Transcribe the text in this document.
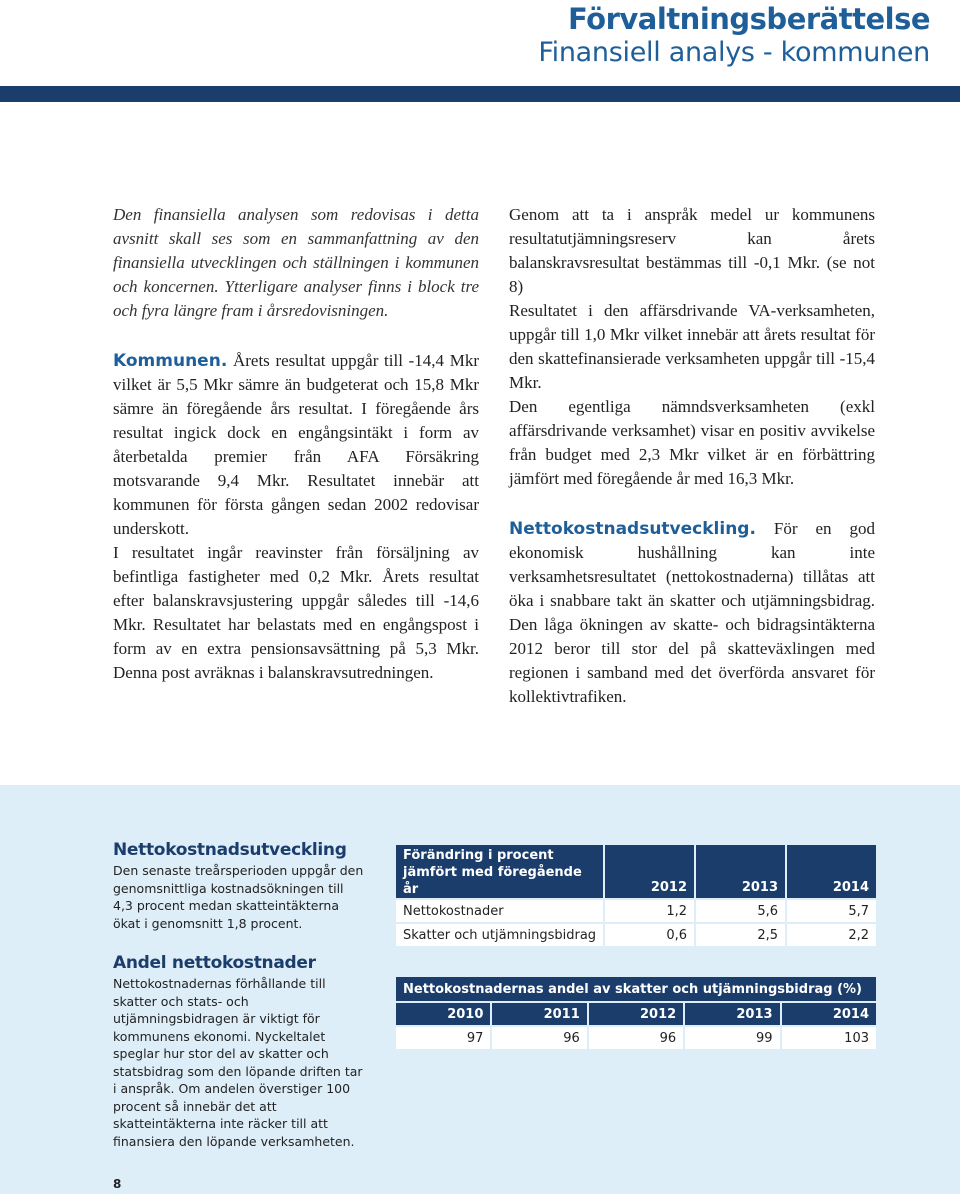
Förvaltningsberättelse
Finansiell analys - kommunen

Den finansiella analysen som redovisas i detta avsnitt skall ses som en sammanfattning av den finansiella utvecklingen och ställningen i kommunen och koncernen. Ytterligare analyser finns i block tre och fyra längre fram i årsredovisningen.

Kommunen. Årets resultat uppgår till -14,4 Mkr vilket är 5,5 Mkr sämre än budgeterat och 15,8 Mkr sämre än föregående års resultat. I föregående års resultat ingick dock en engångsintäkt i form av återbetalda premier från AFA Försäkring motsvarande 9,4 Mkr. Resultatet innebär att kommunen för första gången sedan 2002 redovisar underskott.

I resultatet ingår reavinster från försäljning av befintliga fastigheter med 0,2 Mkr. Årets resultat efter balanskravsjustering uppgår således till -14,6 Mkr. Resultatet har belastats med en engångspost i form av en extra pensionsavsättning på 5,3 Mkr. Denna post avräknas i balanskravsutredningen.

Genom att ta i anspråk medel ur kommunens resultatutjämningsreserv kan årets balanskravsresultat bestämmas till -0,1 Mkr. (se not 8)

Resultatet i den affärsdrivande VA-verksamheten, uppgår till 1,0 Mkr vilket innebär att årets resultat för den skattefinansierade verksamheten uppgår till -15,4 Mkr.

Den egentliga nämndsverksamheten (exkl affärsdrivande verksamhet) visar en positiv avvikelse från budget med 2,3 Mkr vilket är en förbättring jämfört med föregående år med 16,3 Mkr.

Nettokostnadsutveckling. För en god ekonomisk hushållning kan inte verksamhetsresultatet (nettokostnaderna) tillåtas att öka i snabbare takt än skatter och utjämningsbidrag. Den låga ökningen av skatte- och bidragsintäkterna 2012 beror till stor del på skatteväxlingen med regionen i samband med det överförda ansvaret för kollektivtrafiken.

Nettokostnadsutveckling
Den senaste treårsperioden uppgår den genomsnittliga kostnadsökningen till 4,3 procent medan skatteintäkterna ökat i genomsnitt 1,8 procent.
Andel nettokostnader
Nettokostnadernas förhållande till skatter och stats- och utjämningsbidragen är viktigt för kommunens ekonomi. Nyckeltalet speglar hur stor del av skatter och statsbidrag som den löpande driften tar i anspråk. Om andelen överstiger 100 procent så innebär det att skatteintäkterna inte räcker till att finansiera den löpande verksamheten.
Förändring i procent jämfört med föregående år	2012	2013	2014
Nettokostnader	1,2	5,6	5,7
Skatter och utjämningsbidrag	0,6	2,5	2,2
Nettokostnadernas andel av skatter och utjämningsbidrag (%)				
2010	2011	2012	2013	2014
97	96	96	99	103
8
